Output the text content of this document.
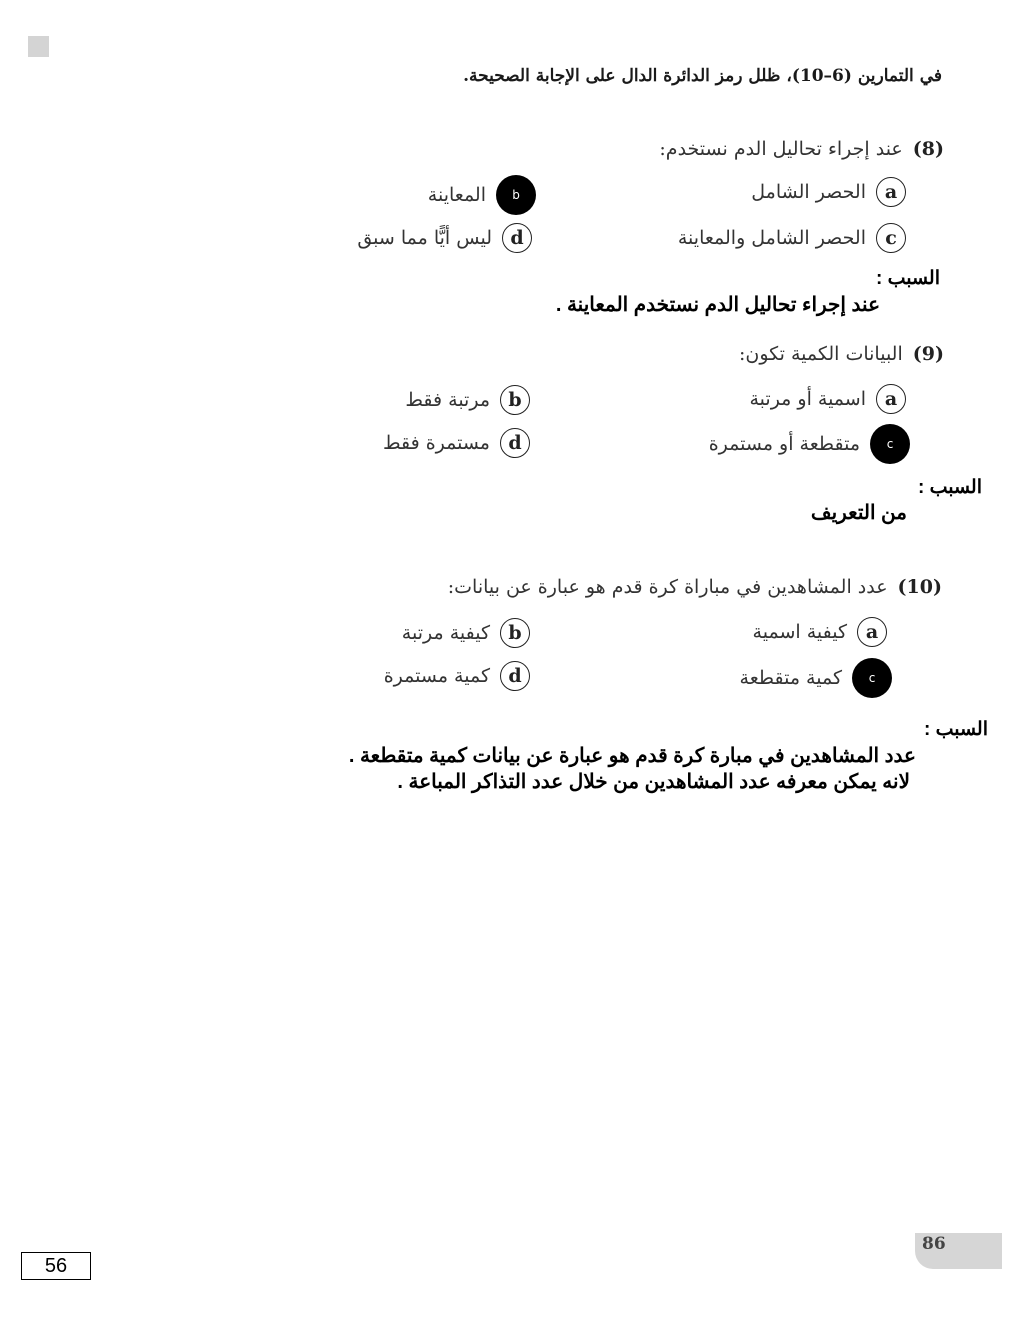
في التمارين (6–10)، ظلل رمز الدائرة الدال على الإجابة الصحيحة.
(8)عند إجراء تحاليل الدم نستخدم:
a
الحصر الشامل
b
المعاينة
c
الحصر الشامل والمعاينة
d
ليس أيًّا مما سبق
السبب :
عند إجراء تحاليل الدم نستخدم المعاينة .
(9)البيانات الكمية تكون:
a
اسمية أو مرتبة
b
مرتبة فقط
c
متقطعة أو مستمرة
d
مستمرة فقط
السبب :
من التعريف
(10)عدد المشاهدين في مباراة كرة قدم هو عبارة عن بيانات:
a
كيفية اسمية
b
كيفية مرتبة
c
كمية متقطعة
d
كمية مستمرة
السبب :
عدد المشاهدين في مبارة كرة قدم هو عبارة عن بيانات كمية متقطعة .
لانه يمكن معرفه عدد المشاهدين من خلال عدد التذاكر المباعة .
86
56
